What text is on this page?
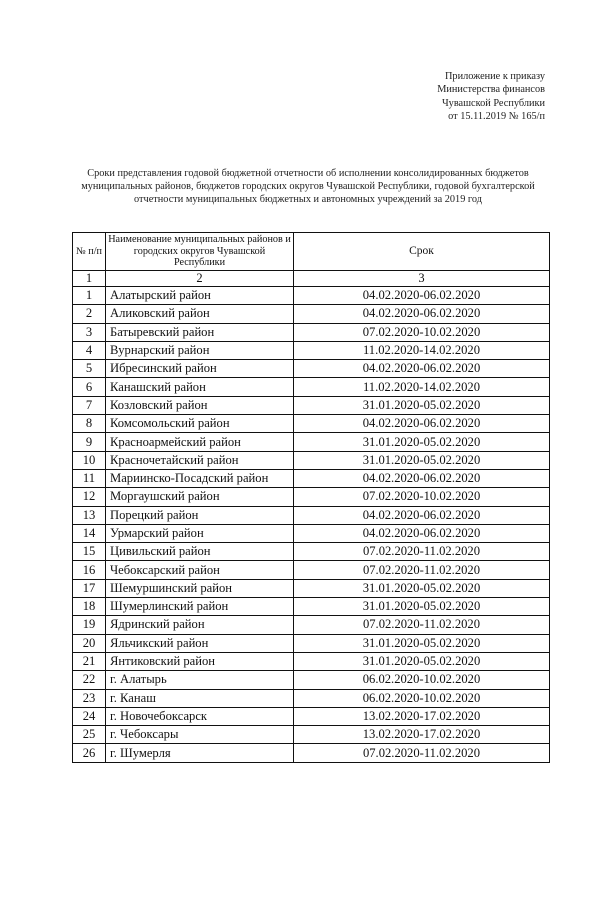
Приложение к приказу
Министерства финансов
Чувашской Республики
от 15.11.2019 № 165/п
Сроки представления годовой бюджетной отчетности об исполнении консолидированных бюджетов
муниципальных районов, бюджетов городских округов Чувашской Республики, годовой бухгалтерской
отчетности муниципальных бюджетных и автономных учреждений за 2019 год
№ п/п	Наименование муниципальных районов и городских округов Чувашской Республики	Срок
1	2	3
1	Алатырский район	04.02.2020-06.02.2020
2	Аликовский район	04.02.2020-06.02.2020
3	Батыревский район	07.02.2020-10.02.2020
4	Вурнарский район	11.02.2020-14.02.2020
5	Ибресинский район	04.02.2020-06.02.2020
6	Канашский район	11.02.2020-14.02.2020
7	Козловский район	31.01.2020-05.02.2020
8	Комсомольский район	04.02.2020-06.02.2020
9	Красноармейский район	31.01.2020-05.02.2020
10	Красночетайский район	31.01.2020-05.02.2020
11	Мариинско-Посадский район	04.02.2020-06.02.2020
12	Моргаушский район	07.02.2020-10.02.2020
13	Порецкий район	04.02.2020-06.02.2020
14	Урмарский район	04.02.2020-06.02.2020
15	Цивильский район	07.02.2020-11.02.2020
16	Чебоксарский район	07.02.2020-11.02.2020
17	Шемуршинский район	31.01.2020-05.02.2020
18	Шумерлинский район	31.01.2020-05.02.2020
19	Ядринский район	07.02.2020-11.02.2020
20	Яльчикский район	31.01.2020-05.02.2020
21	Янтиковский район	31.01.2020-05.02.2020
22	г. Алатырь	06.02.2020-10.02.2020
23	г. Канаш	06.02.2020-10.02.2020
24	г. Новочебоксарск	13.02.2020-17.02.2020
25	г. Чебоксары	13.02.2020-17.02.2020
26	г. Шумерля	07.02.2020-11.02.2020
